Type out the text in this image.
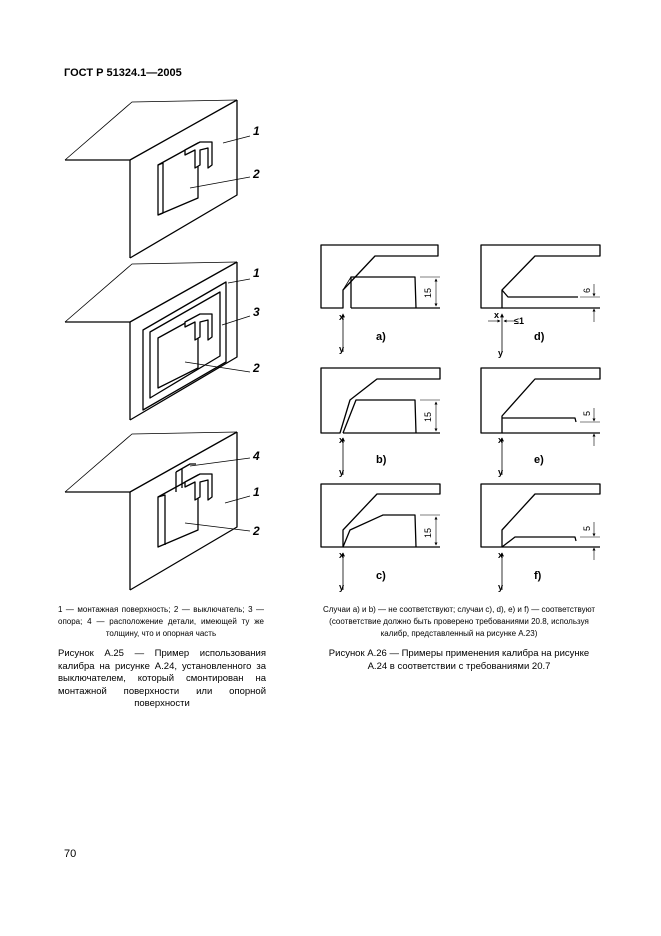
ГОСТ Р 51324.1—2005
1
2
1
3
2
4
1
2
x
y
a)
15
x
y
b)
15
x
y
c)
15
x
y
≤1
d)
6
x
y
e)
5
x
y
f)
5
1 — монтажная поверхность; 2 — выключатель; 3 — опора; 4 — расположение детали, имеющей ту же толщину, что и опорная часть
Случаи a) и b) — не соответствуют; случаи с), d), e) и f) — соответствуют (соответствие должно быть проверено требованиями 20.8, используя калибр, представленный на рисунке А.23)
Рисунок А.25 — Пример использования калибра на рисунке А.24, установленного за выключателем, который смонтирован на монтажной поверхности или опорной поверхности
Рисунок А.26 — Примеры применения калибра на рисунке А.24 в соответствии с требованиями 20.7
70
